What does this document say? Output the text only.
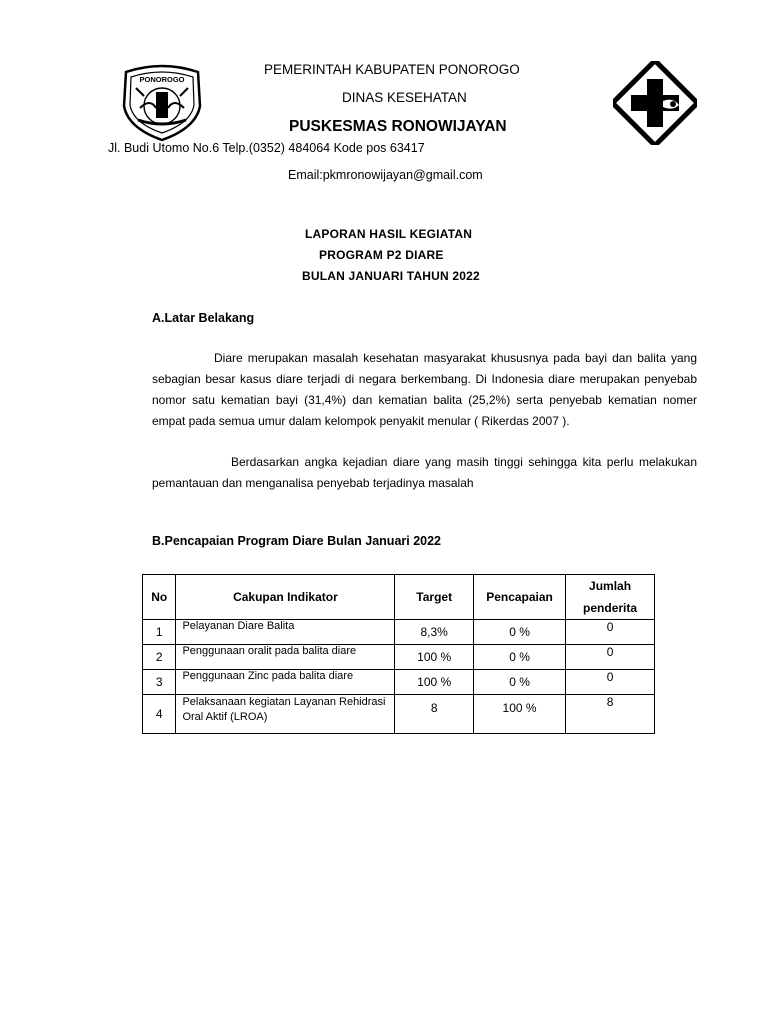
PONOROGO
PEMERINTAH KABUPATEN PONOROGO
DINAS KESEHATAN
PUSKESMAS RONOWIJAYAN
Jl. Budi Utomo No.6 Telp.(0352) 484064 Kode pos 63417
Email:pkmronowijayan@gmail.com
LAPORAN HASIL KEGIATAN
PROGRAM P2 DIARE
BULAN JANUARI TAHUN 2022
A.Latar Belakang
Diare merupakan masalah kesehatan masyarakat khususnya pada bayi dan balita yang sebagian besar kasus diare terjadi di negara berkembang. Di Indonesia diare merupakan penyebab nomor satu kematian bayi (31,4%) dan kematian balita (25,2%) serta penyebab kematian nomer empat pada semua umur dalam kelompok penyakit menular ( Rikerdas 2007 ).
Berdasarkan angka kejadian diare yang masih tinggi sehingga kita perlu melakukan pemantauan dan menganalisa penyebab terjadinya masalah
B.Pencapaian Program Diare Bulan Januari 2022
No	Cakupan Indikator	Target	Pencapaian	Jumlah
penderita

1	Pelayanan Diare Balita	8,3%	0 %	0
2	Penggunaan oralit pada balita diare	100 %	0 %	0
3	Penggunaan Zinc pada balita diare	100 %	0 %	0
4	Pelaksanaan kegiatan Layanan Rehidrasi Oral Aktif (LROA)	8	100 %	8
